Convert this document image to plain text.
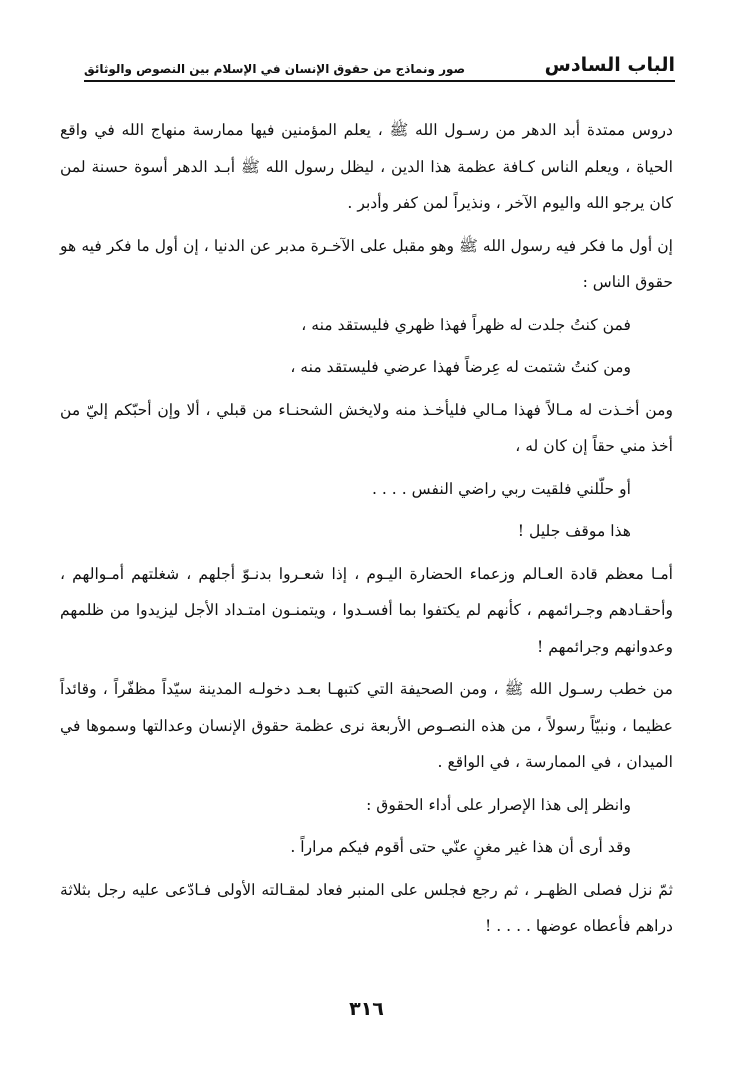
الباب السادس
صور ونماذج من حقوق الإنسان في الإسلام بين النصوص والوثائق

دروس ممتدة أبد الدهر من رسـول الله ﷺ ، يعلم المؤمنين فيها ممارسة منهاج الله في واقع الحياة ، ويعلم الناس كـافة عظمة هذا الدين ، ليظل رسول الله ﷺ أبـد الدهر أسوة حسنة لمن كان يرجو الله واليوم الآخر ، ونذيراً لمن كفر وأدبر .

إن أول ما فكر فيه رسول الله ﷺ وهو مقبل على الآخـرة مدبر عن الدنيا ، إن أول ما فكر فيه هو حقوق الناس :

فمن كنتُ جلدت له ظهراً فهذا ظهري فليستقد منه ،

ومن كنتُ شتمت له عِرضاً فهذا عرضي فليستقد منه ،

ومن أخـذت له مـالاً فهذا مـالي فليأخـذ منه ولايخش الشحنـاء من قبلي ، ألا وإن أحبّكم إليّ من أخذ مني حقاً إن كان له ،

أو حلّلني فلقيت ربي راضي النفس . . . .

هذا موقف جليل !

أمـا معظم قادة العـالم وزعماء الحضارة اليـوم ، إذا شعـروا بدنـوّ أجلهم ، شغلتهم أمـوالهم ، وأحقـادهم وجـرائمهم ، كأنهم لم يكتفوا بما أفسـدوا ، ويتمنـون امتـداد الأجل ليزيدوا من ظلمهم وعدوانهم وجرائمهم !

من خطب رسـول الله ﷺ ، ومن الصحيفة التي كتبهـا بعـد دخولـه المدينة سيّداً مظفّراً ، وقائداً عظيما ، ونبيّاً رسولاً ، من هذه النصـوص الأربعة نرى عظمة حقوق الإنسان وعدالتها وسموها في الميدان ، في الممارسة ، في الواقع .

وانظر إلى هذا الإصرار على أداء الحقوق :

وقد أرى أن هذا غير مغنٍ عنّي حتى أقوم فيكم مراراً .

ثمّ نزل فصلى الظهـر ، ثم رجع فجلس على المنبر فعاد لمقـالته الأولى فـادّعى عليه رجل بثلاثة دراهم فأعطاه عوضها . . . . !

٣١٦
